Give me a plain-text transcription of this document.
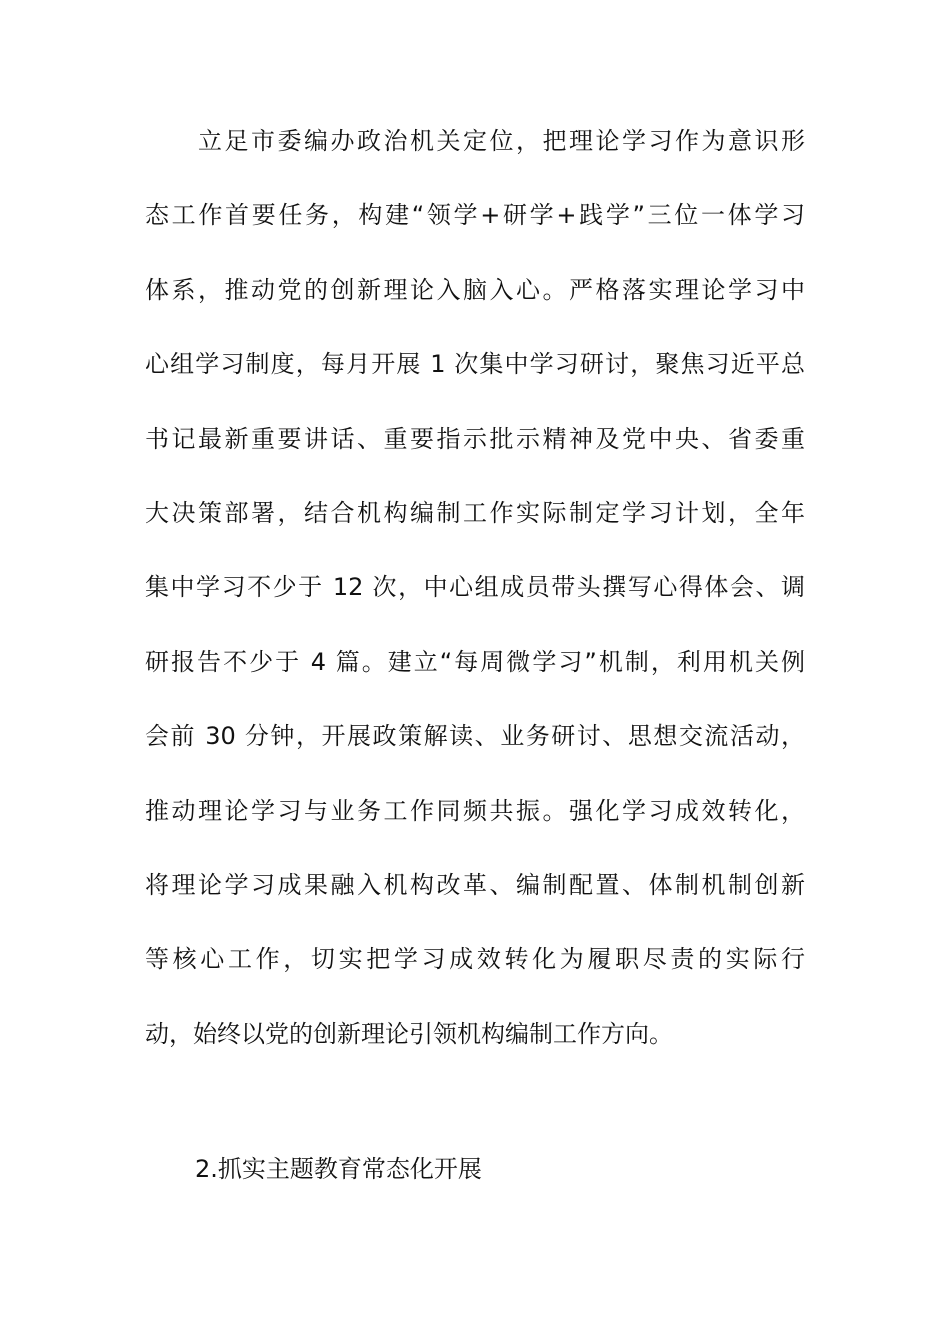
　　立足市委编办政治机关定位，把理论学习作为意识形
态工作首要任务，构建“领学+研学+践学”三位一体学习
体系，推动党的创新理论入脑入心。严格落实理论学习中
心组学习制度，每月开展 1 次集中学习研讨，聚焦习近平总
书记最新重要讲话、重要指示批示精神及党中央、省委重
大决策部署，结合机构编制工作实际制定学习计划，全年
集中学习不少于 12 次，中心组成员带头撰写心得体会、调
研报告不少于 4 篇。建立“每周微学习”机制，利用机关例
会前 30 分钟，开展政策解读、业务研讨、思想交流活动，
推动理论学习与业务工作同频共振。强化学习成效转化，
将理论学习成果融入机构改革、编制配置、体制机制创新
等核心工作，切实把学习成效转化为履职尽责的实际行
动，始终以党的创新理论引领机构编制工作方向。
2.抓实主题教育常态化开展
